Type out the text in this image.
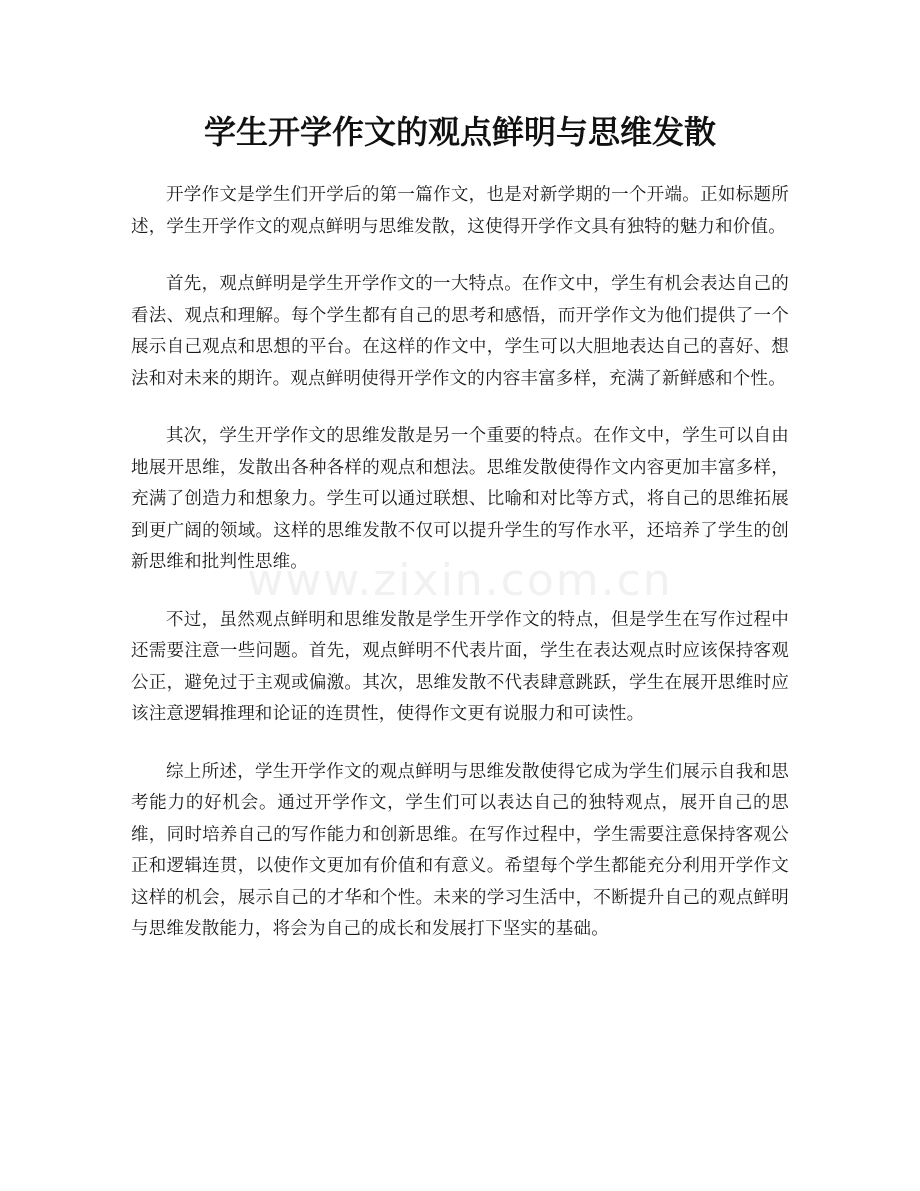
学生开学作文的观点鲜明与思维发散

开学作文是学生们开学后的第一篇作文，也是对新学期的一个开端。正如标题所述，学生开学作文的观点鲜明与思维发散，这使得开学作文具有独特的魅力和价值。

首先，观点鲜明是学生开学作文的一大特点。在作文中，学生有机会表达自己的看法、观点和理解。每个学生都有自己的思考和感悟，而开学作文为他们提供了一个展示自己观点和思想的平台。在这样的作文中，学生可以大胆地表达自己的喜好、想法和对未来的期许。观点鲜明使得开学作文的内容丰富多样，充满了新鲜感和个性。

其次，学生开学作文的思维发散是另一个重要的特点。在作文中，学生可以自由地展开思维，发散出各种各样的观点和想法。思维发散使得作文内容更加丰富多样，充满了创造力和想象力。学生可以通过联想、比喻和对比等方式，将自己的思维拓展到更广阔的领域。这样的思维发散不仅可以提升学生的写作水平，还培养了学生的创新思维和批判性思维。

不过，虽然观点鲜明和思维发散是学生开学作文的特点，但是学生在写作过程中还需要注意一些问题。首先，观点鲜明不代表片面，学生在表达观点时应该保持客观公正，避免过于主观或偏激。其次，思维发散不代表肆意跳跃，学生在展开思维时应该注意逻辑推理和论证的连贯性，使得作文更有说服力和可读性。

综上所述，学生开学作文的观点鲜明与思维发散使得它成为学生们展示自我和思考能力的好机会。通过开学作文，学生们可以表达自己的独特观点，展开自己的思维，同时培养自己的写作能力和创新思维。在写作过程中，学生需要注意保持客观公正和逻辑连贯，以使作文更加有价值和有意义。希望每个学生都能充分利用开学作文这样的机会，展示自己的才华和个性。未来的学习生活中，不断提升自己的观点鲜明与思维发散能力，将会为自己的成长和发展打下坚实的基础。

www.zixin.com.cn
